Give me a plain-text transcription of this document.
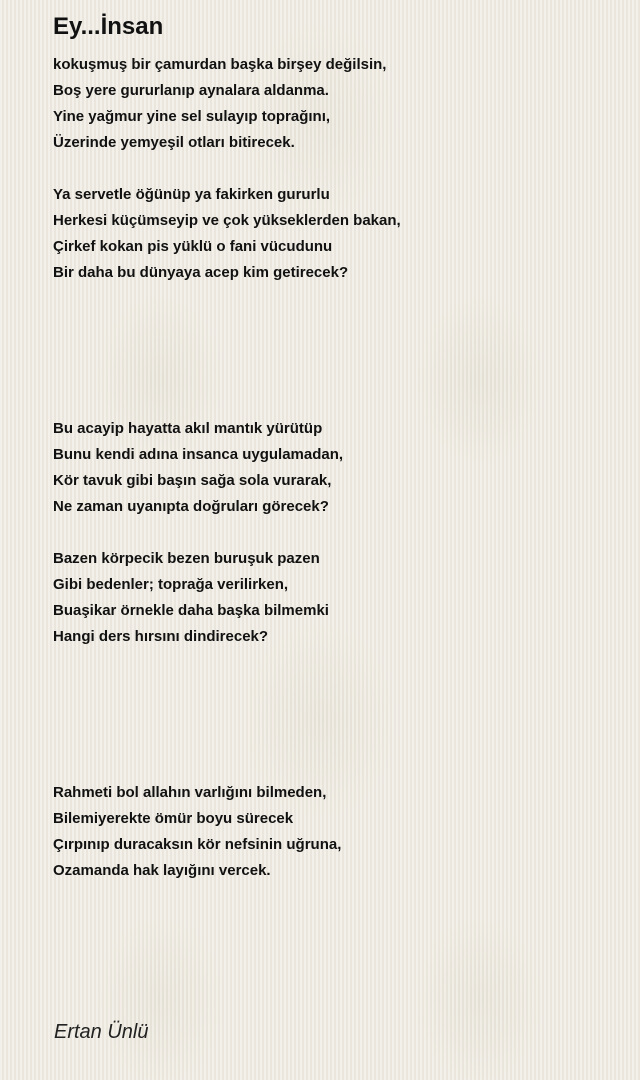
Ey...İnsan
kokuşmuş bir çamurdan başka birşey değilsin,
Boş yere gururlanıp aynalara aldanma.
Yine yağmur yine sel sulayıp toprağını,
Üzerinde yemyeşil otları bitirecek.
Ya servetle öğünüp ya fakirken gururlu
Herkesi küçümseyip ve çok yükseklerden bakan,
Çirkef kokan pis yüklü o fani vücudunu
Bir daha bu dünyaya acep kim getirecek?
Bu acayip hayatta akıl mantık yürütüp
Bunu kendi adına insanca uygulamadan,
Kör tavuk gibi başın sağa sola vurarak,
Ne zaman uyanıpta doğruları görecek?
Bazen körpecik bezen buruşuk pazen
Gibi bedenler; toprağa verilirken,
Buaşikar örnekle daha başka bilmemki
Hangi ders hırsını dindirecek?
Rahmeti bol allahın varlığını bilmeden,
Bilemiyerekte ömür boyu sürecek
Çırpınıp duracaksın kör nefsinin uğruna,
Ozamanda hak layığını vercek.
Ertan Ünlü
